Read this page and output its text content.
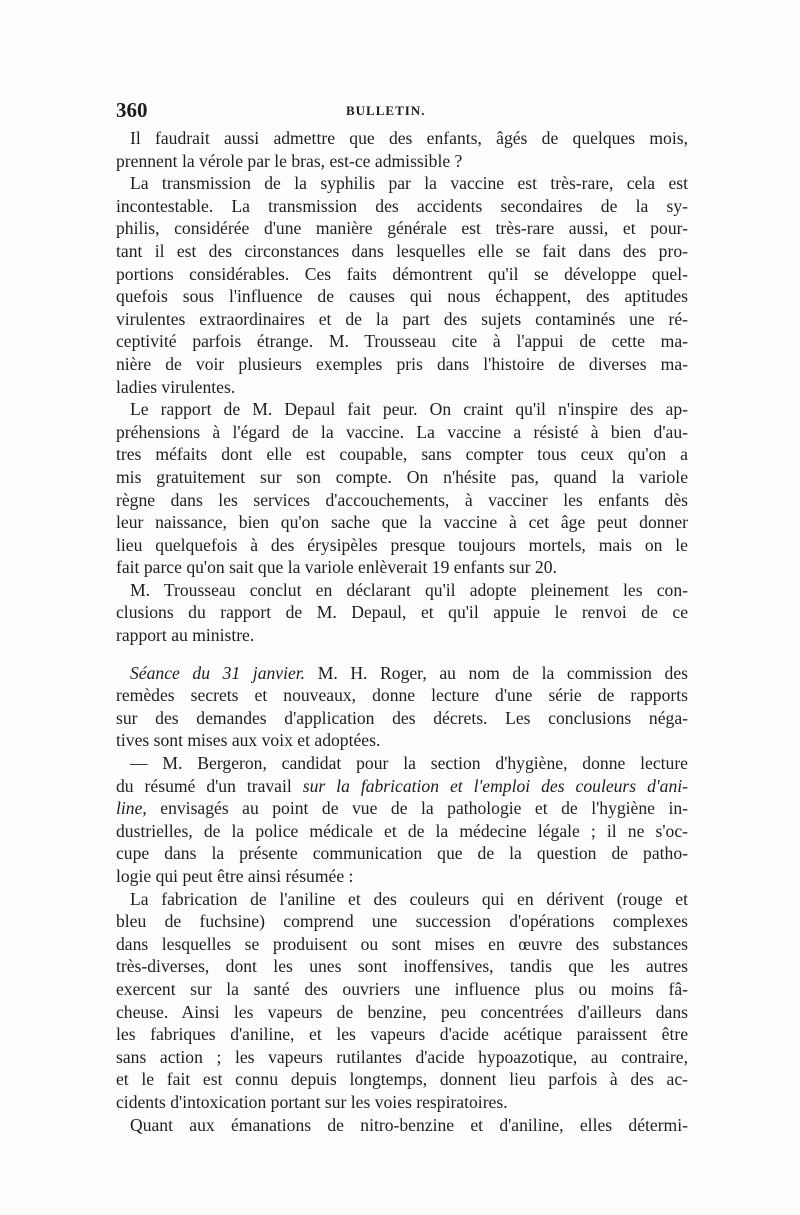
360	BULLETIN.
Il faudrait aussi admettre que des enfants, âgés de quelques mois,
prennent la vérole par le bras, est-ce admissible ?
La transmission de la syphilis par la vaccine est très-rare, cela est
incontestable. La transmission des accidents secondaires de la sy-
philis, considérée d'une manière générale est très-rare aussi, et pour-
tant il est des circonstances dans lesquelles elle se fait dans des pro-
portions considérables. Ces faits démontrent qu'il se développe quel-
quefois sous l'influence de causes qui nous échappent, des aptitudes
virulentes extraordinaires et de la part des sujets contaminés une ré-
ceptivité parfois étrange. M. Trousseau cite à l'appui de cette ma-
nière de voir plusieurs exemples pris dans l'histoire de diverses ma-
ladies virulentes.
Le rapport de M. Depaul fait peur. On craint qu'il n'inspire des ap-
préhensions à l'égard de la vaccine. La vaccine a résisté à bien d'au-
tres méfaits dont elle est coupable, sans compter tous ceux qu'on a
mis gratuitement sur son compte. On n'hésite pas, quand la variole
règne dans les services d'accouchements, à vacciner les enfants dès
leur naissance, bien qu'on sache que la vaccine à cet âge peut donner
lieu quelquefois à des érysipèles presque toujours mortels, mais on le
fait parce qu'on sait que la variole enlèverait 19 enfants sur 20.
M. Trousseau conclut en déclarant qu'il adopte pleinement les con-
clusions du rapport de M. Depaul, et qu'il appuie le renvoi de ce
rapport au ministre.
Séance du 31 janvier. M. H. Roger, au nom de la commission des
remèdes secrets et nouveaux, donne lecture d'une série de rapports
sur des demandes d'application des décrets. Les conclusions néga-
tives sont mises aux voix et adoptées.
— M. Bergeron, candidat pour la section d'hygiène, donne lecture
du résumé d'un travail sur la fabrication et l'emploi des couleurs d'ani-
line, envisagés au point de vue de la pathologie et de l'hygiène in-
dustrielles, de la police médicale et de la médecine légale ; il ne s'oc-
cupe dans la présente communication que de la question de patho-
logie qui peut être ainsi résumée :
La fabrication de l'aniline et des couleurs qui en dérivent (rouge et
bleu de fuchsine) comprend une succession d'opérations complexes
dans lesquelles se produisent ou sont mises en œuvre des substances
très-diverses, dont les unes sont inoffensives, tandis que les autres
exercent sur la santé des ouvriers une influence plus ou moins fâ-
cheuse. Ainsi les vapeurs de benzine, peu concentrées d'ailleurs dans
les fabriques d'aniline, et les vapeurs d'acide acétique paraissent être
sans action ; les vapeurs rutilantes d'acide hypoazotique, au contraire,
et le fait est connu depuis longtemps, donnent lieu parfois à des ac-
cidents d'intoxication portant sur les voies respiratoires.
Quant aux émanations de nitro-benzine et d'aniline, elles détermi-
